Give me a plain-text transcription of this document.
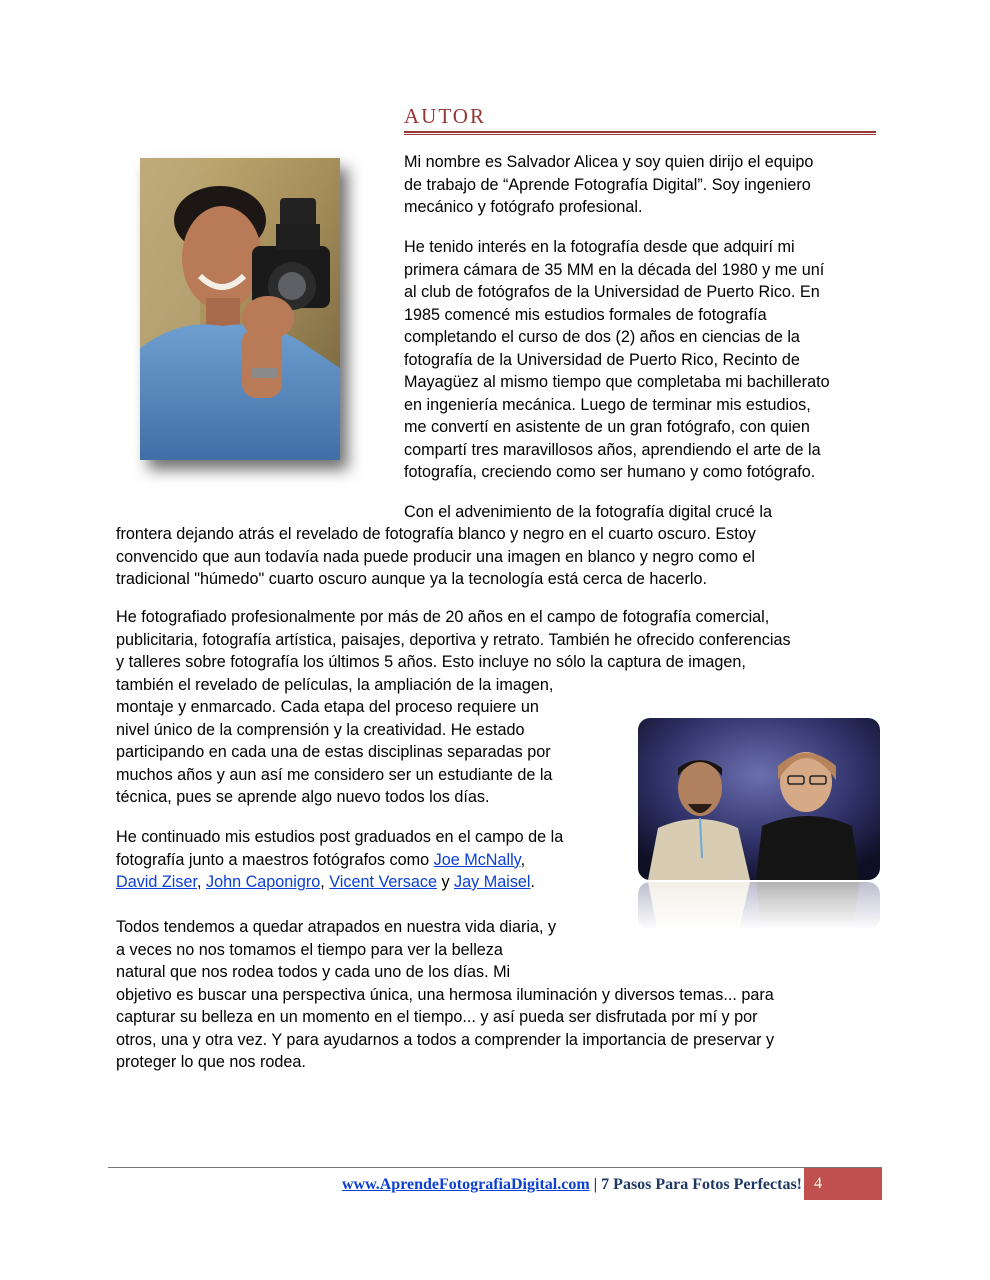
AUTOR
Mi nombre es Salvador Alicea y soy quien dirijo el equipo
de trabajo de “Aprende Fotografía Digital”. Soy ingeniero
mecánico y fotógrafo profesional.
He tenido interés en la fotografía desde que adquirí mi
primera cámara de 35 MM en la década del 1980 y me uní
al club de fotógrafos de la Universidad de Puerto Rico. En
1985 comencé mis estudios formales de fotografía
completando el curso de dos (2) años en ciencias de la
fotografía de la Universidad de Puerto Rico, Recinto de
Mayagüez al mismo tiempo que completaba mi bachillerato
en ingeniería mecánica. Luego de terminar mis estudios,
me convertí en asistente de un gran fotógrafo, con quien
compartí tres maravillosos años, aprendiendo el arte de la
fotografía, creciendo como ser humano y como fotógrafo.
Con el advenimiento de la fotografía digital crucé la
frontera dejando atrás el revelado de fotografía blanco y negro en el cuarto oscuro. Estoy
convencido que aun todavía nada puede producir una imagen en blanco y negro como el
tradicional "húmedo" cuarto oscuro aunque ya la tecnología está cerca de hacerlo.
He fotografiado profesionalmente por más de 20 años en el campo de fotografía comercial,
publicitaria, fotografía artística, paisajes, deportiva y retrato. También he ofrecido conferencias
y talleres sobre fotografía los últimos 5 años. Esto incluye no sólo la captura de imagen,
también el revelado de películas, la ampliación de la imagen,
montaje y enmarcado. Cada etapa del proceso requiere un
nivel único de la comprensión y la creatividad. He estado
participando en cada una de estas disciplinas separadas por
muchos años y aun así me considero ser un estudiante de la
técnica, pues se aprende algo nuevo todos los días.
He continuado mis estudios post graduados en el campo de la
fotografía junto a maestros fotógrafos como Joe McNally,
David Ziser, John Caponigro, Vicent Versace y Jay Maisel.
Todos tendemos a quedar atrapados en nuestra vida diaria, y
a veces no nos tomamos el tiempo para ver la belleza
natural que nos rodea todos y cada uno de los días. Mi
objetivo es buscar una perspectiva única, una hermosa iluminación y diversos temas... para
capturar su belleza en un momento en el tiempo... y así pueda ser disfrutada por mí y por
otros, una y otra vez. Y para ayudarnos a todos a comprender la importancia de preservar y
proteger lo que nos rodea.
www.AprendeFotografiaDigital.com | 7 Pasos Para Fotos Perfectas! 4
